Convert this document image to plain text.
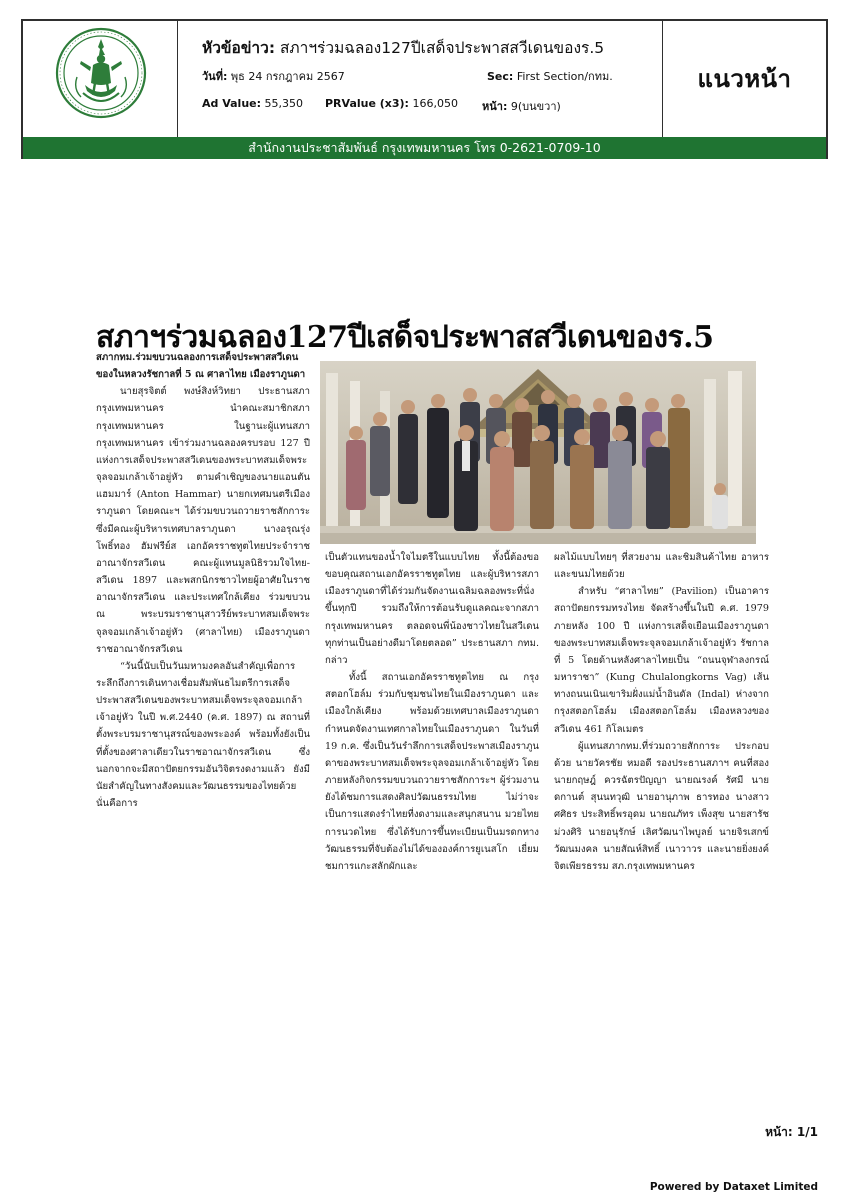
หัวข้อข่าว: สภาฯร่วมฉลอง127ปีเสด็จประพาสสวีเดนของร.5
วันที่: พุธ 24 กรกฎาคม 2567	Sec: First Section/กทม.
Ad Value: 55,350 PRValue (x3): 166,050 หน้า: 9(บนขวา)
แนวหน้า
สำนักงานประชาสัมพันธ์ กรุงเทพมหานคร โทร 0-2621-0709-10
สภาฯร่วมฉลอง127ปีเสด็จประพาสสวีเดนของร.5

สภากทม.ร่วมขบวนฉลองการเสด็จประพาสสวีเดนของในหลวงรัชกาลที่ 5 ณ ศาลาไทย เมืองราภูนดา

นายสุรจิตต์ พงษ์สิงห์วิทยา ประธานสภากรุงเทพมหานคร นำคณะสมาชิกสภากรุงเทพมหานคร ในฐานะผู้แทนสภากรุงเทพมหานคร เข้าร่วมงานฉลองครบรอบ 127 ปี แห่งการเสด็จประพาสสวีเดนของพระบาทสมเด็จพระจุลจอมเกล้าเจ้าอยู่หัว ตามคำเชิญของนายแอนตัน แฮมมาร์ (Anton Hammar) นายกเทศมนตรีเมืองราภูนดา โดยคณะฯ ได้ร่วมขบวนถวายราชสักการะ ซึ่งมีคณะผู้บริหารเทศบาลราภูนดา นางอรุณรุ่ง โพธิ์ทอง ฮัมฟรีย์ส เอกอัครราชทูตไทยประจำราชอาณาจักรสวีเดน คณะผู้แทนมูลนิธิรวมใจไทย-สวีเดน 1897 และพสกนิกรชาวไทยผู้อาศัยในราชอาณาจักรสวีเดน และประเทศใกล้เคียง ร่วมขบวน ณ พระบรมราชานุสาวรีย์พระบาทสมเด็จพระจุลจอมเกล้าเจ้าอยู่หัว (ศาลาไทย) เมืองราภูนดา ราชอาณาจักรสวีเดน

“วันนี้นับเป็นวันมหามงคลอันสำคัญเพื่อการระลึกถึงการเดินทางเชื่อมสัมพันธไมตรีการเสด็จประพาสสวีเดนของพระบาทสมเด็จพระจุลจอมเกล้าเจ้าอยู่หัว ในปี พ.ศ.2440 (ค.ศ. 1897) ณ สถานที่ตั้งพระบรมราชานุสรณ์ของพระองค์ พร้อมทั้งยังเป็นที่ตั้งของศาลาเดียวในราชอาณาจักรสวีเดน ซึ่งนอกจากจะมีสถาปัตยกรรมอันวิจิตรงดงามแล้ว ยังมีนัยสำคัญในทางสังคมและวัฒนธรรมของไทยด้วย นั่นคือการ

เป็นตัวแทนของน้ำใจไมตรีในแบบไทย ทั้งนี้ต้องขอขอบคุณสถานเอกอัครราชทูตไทย และผู้บริหารสภาเมืองราภูนดาที่ได้ร่วมกันจัดงานเฉลิมฉลองพระที่นั่งขึ้นทุกปี รวมถึงให้การต้อนรับดูแลคณะจากสภากรุงเทพมหานคร ตลอดจนพี่น้องชาวไทยในสวีเดนทุกท่านเป็นอย่างดีมาโดยตลอด” ประธานสภา กทม. กล่าว

ทั้งนี้ สถานเอกอัครราชทูตไทย ณ กรุงสตอกโฮล์ม ร่วมกับชุมชนไทยในเมืองราภูนดา และเมืองใกล้เคียง พร้อมด้วยเทศบาลเมืองราภูนดา กำหนดจัดงานเทศกาลไทยในเมืองราภูนดา ในวันที่ 19 ก.ค. ซึ่งเป็นวันรำลึกการเสด็จประพาสเมืองราภูนดาของพระบาทสมเด็จพระจุลจอมเกล้าเจ้าอยู่หัว โดยภายหลังกิจกรรมขบวนถวายราชสักการะฯ ผู้ร่วมงานยังได้ชมการแสดงศิลปวัฒนธรรมไทย ไม่ว่าจะเป็นการแสดงรำไทยที่งดงามและสนุกสนาน มวยไทย การนวดไทย ซึ่งได้รับการขึ้นทะเบียนเป็นมรดกทางวัฒนธรรมที่จับต้องไม่ได้ขององค์การยูเนสโก เยี่ยมชมการแกะสลักผักและ

ผลไม้แบบไทยๆ ที่สวยงาม และชิมสินค้าไทย อาหาร และขนมไทยด้วย

สำหรับ “ศาลาไทย” (Pavilion) เป็นอาคารสถาปัตยกรรมทรงไทย จัดสร้างขึ้นในปี ค.ศ. 1979 ภายหลัง 100 ปี แห่งการเสด็จเยือนเมืองราภูนดา ของพระบาทสมเด็จพระจุลจอมเกล้าเจ้าอยู่หัว รัชกาลที่ 5 โดยด้านหลังศาลาไทยเป็น “ถนนจุฬาลงกรณ์มหาราชา” (Kung Chulalongkorns Vag) เส้นทางถนนเนินเขาริมฝั่งแม่น้ำอินดัล (Indal) ห่างจากกรุงสตอกโฮล์ม เมืองสตอกโฮล์ม เมืองหลวงของสวีเดน 461 กิโลเมตร

ผู้แทนสภากทม.ที่ร่วมถวายสักการะ ประกอบด้วย นายวัครชัย หมอดี รองประธานสภาฯ คนที่สอง นายกฤษฎ์ ควรฉัตรปัญญา นายณรงค์ รัศมี นายดกานต์ สุนนทวุฒิ นายอานุภาพ ธารทอง นางสาวศศิธร ประสิทธิ์พรอุดม นายณภัทร เพ็งสุข นายสารัช ม่วงศิริ นายอนุรักษ์ เลิศวัฒนาไพบูลย์ นายจิรเสกข์ วัฒนมงคล นายสัณห์สิทธิ์ เนาวาวร และนายยิ่งยงค์ จิตเพียรธรรม สภ.กรุงเทพมหานคร

หน้า: 1/1
Powered by Dataxet Limited
